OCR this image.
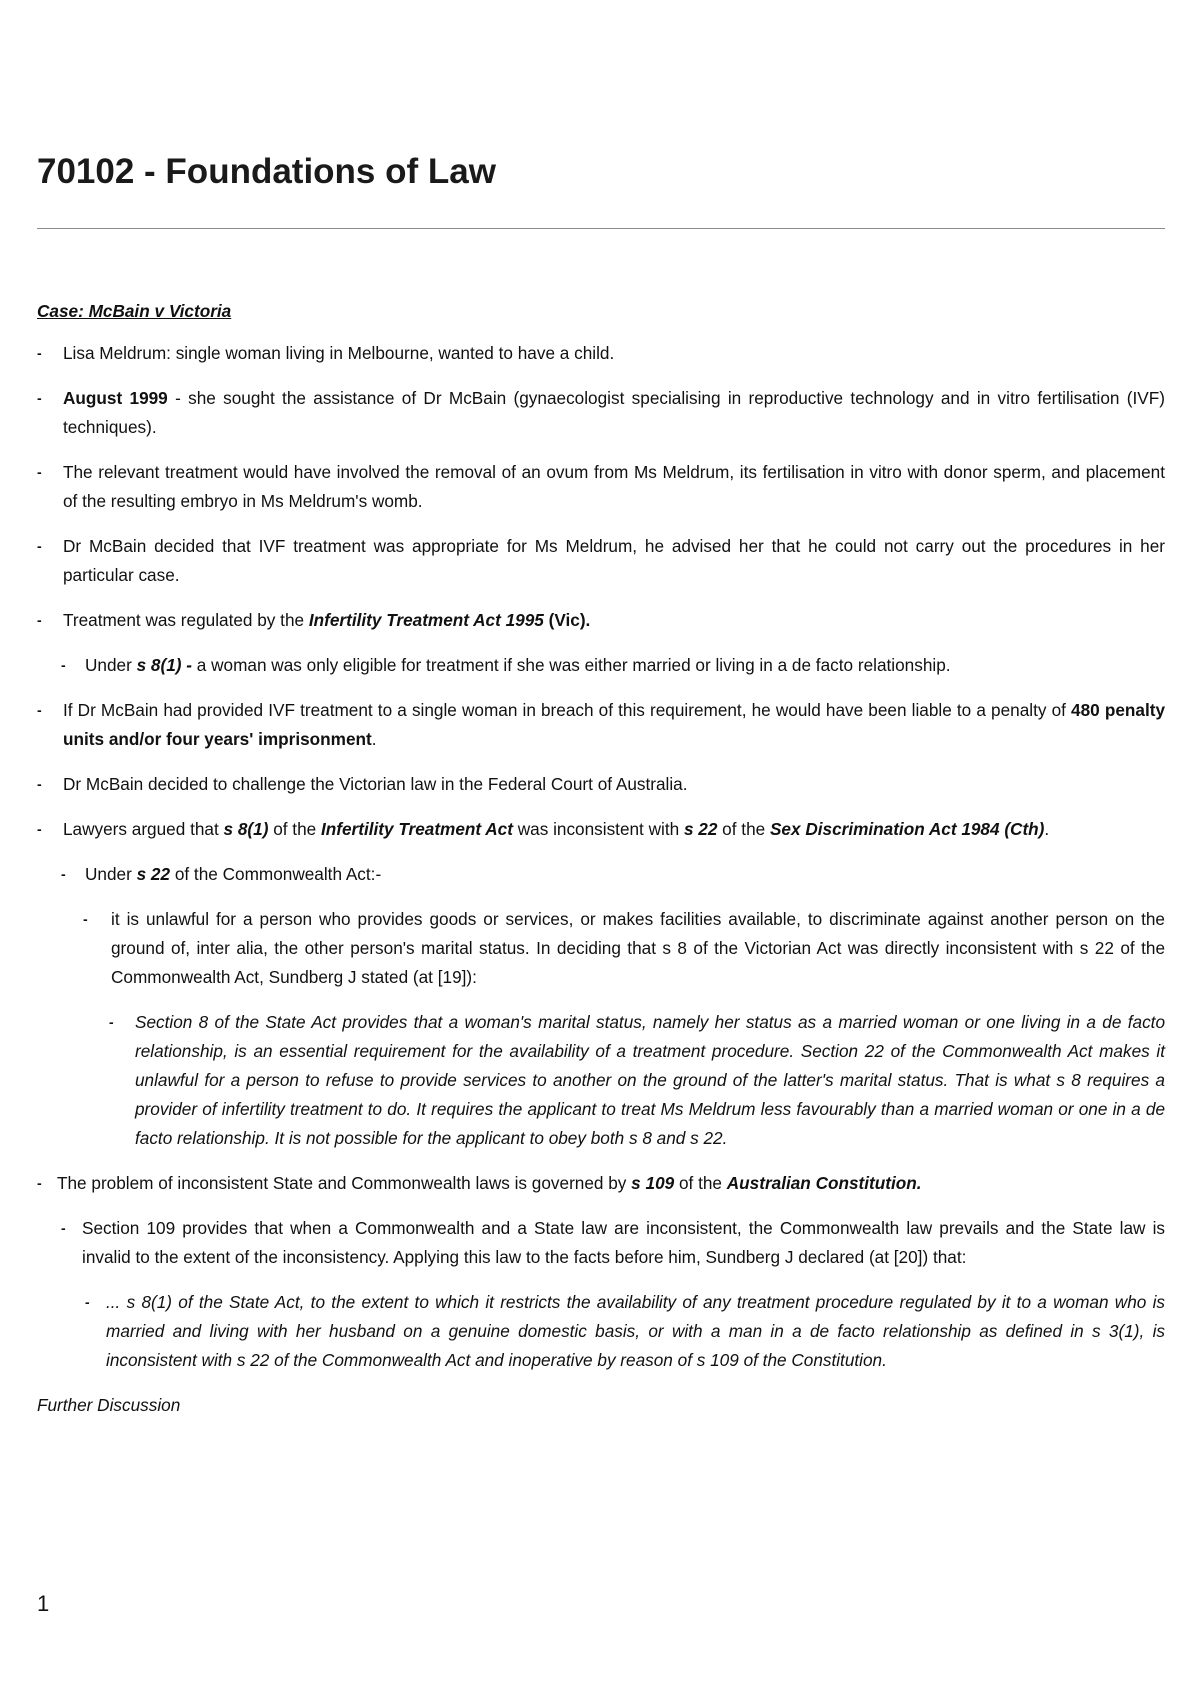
70102 - Foundations of Law

Case: McBain v Victoria

- Lisa Meldrum: single woman living in Melbourne, wanted to have a child.
- August 1999 - she sought the assistance of Dr McBain (gynaecologist specialising in reproductive technology and in vitro fertilisation (IVF) techniques).
- The relevant treatment would have involved the removal of an ovum from Ms Meldrum, its fertilisation in vitro with donor sperm, and placement of the resulting embryo in Ms Meldrum's womb.
- Dr McBain decided that IVF treatment was appropriate for Ms Meldrum, he advised her that he could not carry out the procedures in her particular case.
- Treatment was regulated by the Infertility Treatment Act 1995 (Vic).
- Under s 8(1) - a woman was only eligible for treatment if she was either married or living in a de facto relationship.
- If Dr McBain had provided IVF treatment to a single woman in breach of this requirement, he would have been liable to a penalty of 480 penalty units and/or four years' imprisonment.
- Dr McBain decided to challenge the Victorian law in the Federal Court of Australia.
- Lawyers argued that s 8(1) of the Infertility Treatment Act was inconsistent with s 22 of the Sex Discrimination Act 1984 (Cth).
- Under s 22 of the Commonwealth Act:-
- it is unlawful for a person who provides goods or services, or makes facilities available, to discriminate against another person on the ground of, inter alia, the other person's marital status. In deciding that s 8 of the Victorian Act was directly inconsistent with s 22 of the Commonwealth Act, Sundberg J stated (at [19]):
- Section 8 of the State Act provides that a woman's marital status, namely her status as a married woman or one living in a de facto relationship, is an essential requirement for the availability of a treatment procedure. Section 22 of the Commonwealth Act makes it unlawful for a person to refuse to provide services to another on the ground of the latter's marital status. That is what s 8 requires a provider of infertility treatment to do. It requires the applicant to treat Ms Meldrum less favourably than a married woman or one in a de facto relationship. It is not possible for the applicant to obey both s 8 and s 22.
- The problem of inconsistent State and Commonwealth laws is governed by s 109 of the Australian Constitution.
- Section 109 provides that when a Commonwealth and a State law are inconsistent, the Commonwealth law prevails and the State law is invalid to the extent of the inconsistency. Applying this law to the facts before him, Sundberg J declared (at [20]) that:
- ... s 8(1) of the State Act, to the extent to which it restricts the availability of any treatment procedure regulated by it to a woman who is married and living with her husband on a genuine domestic basis, or with a man in a de facto relationship as defined in s 3(1), is inconsistent with s 22 of the Commonwealth Act and inoperative by reason of s 109 of the Constitution.

Further Discussion

1
